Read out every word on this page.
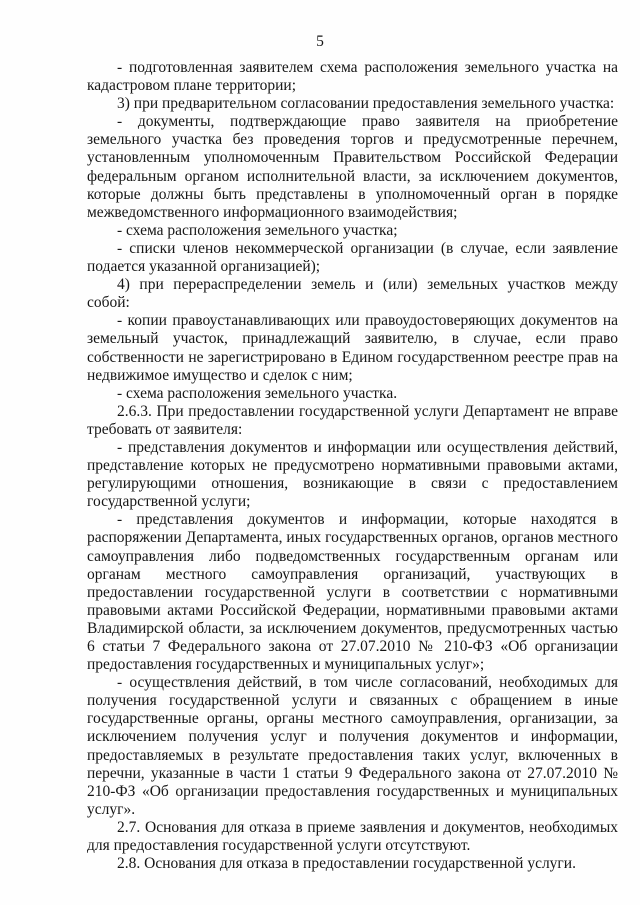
5

- подготовленная заявителем схема расположения земельного участка на кадастровом плане территории;

3) при предварительном согласовании предоставления земельного участка:

- документы, подтверждающие право заявителя на приобретение земельного участка без проведения торгов и предусмотренные перечнем, установленным уполномоченным Правительством Российской Федерации федеральным органом исполнительной власти, за исключением документов, которые должны быть представлены в уполномоченный орган в порядке межведомственного информационного взаимодействия;

- схема расположения земельного участка;

- списки членов некоммерческой организации (в случае, если заявление подается указанной организацией);

4) при перераспределении земель и (или) земельных участков между собой:

- копии правоустанавливающих или правоудостоверяющих документов на земельный участок, принадлежащий заявителю, в случае, если право собственности не зарегистрировано в Едином государственном реестре прав на недвижимое имущество и сделок с ним;

- схема расположения земельного участка.

2.6.3. При предоставлении государственной услуги Департамент не вправе требовать от заявителя:

- представления документов и информации или осуществления действий, представление которых не предусмотрено нормативными правовыми актами, регулирующими отношения, возникающие в связи с предоставлением государственной услуги;

- представления документов и информации, которые находятся в распоряжении Департамента, иных государственных органов, органов местного самоуправления либо подведомственных государственным органам или органам местного самоуправления организаций, участвующих в предоставлении государственной услуги в соответствии с нормативными правовыми актами Российской Федерации, нормативными правовыми актами Владимирской области, за исключением документов, предусмотренных частью 6 статьи 7 Федерального закона от 27.07.2010 № 210-ФЗ «Об организации предоставления государственных и муниципальных услуг»;

- осуществления действий, в том числе согласований, необходимых для получения государственной услуги и связанных с обращением в иные государственные органы, органы местного самоуправления, организации, за исключением получения услуг и получения документов и информации, предоставляемых в результате предоставления таких услуг, включенных в перечни, указанные в части 1 статьи 9 Федерального закона от 27.07.2010 № 210-ФЗ «Об организации предоставления государственных и муниципальных услуг».

2.7. Основания для отказа в приеме заявления и документов, необходимых для предоставления государственной услуги отсутствуют.

2.8. Основания для отказа в предоставлении государственной услуги.
